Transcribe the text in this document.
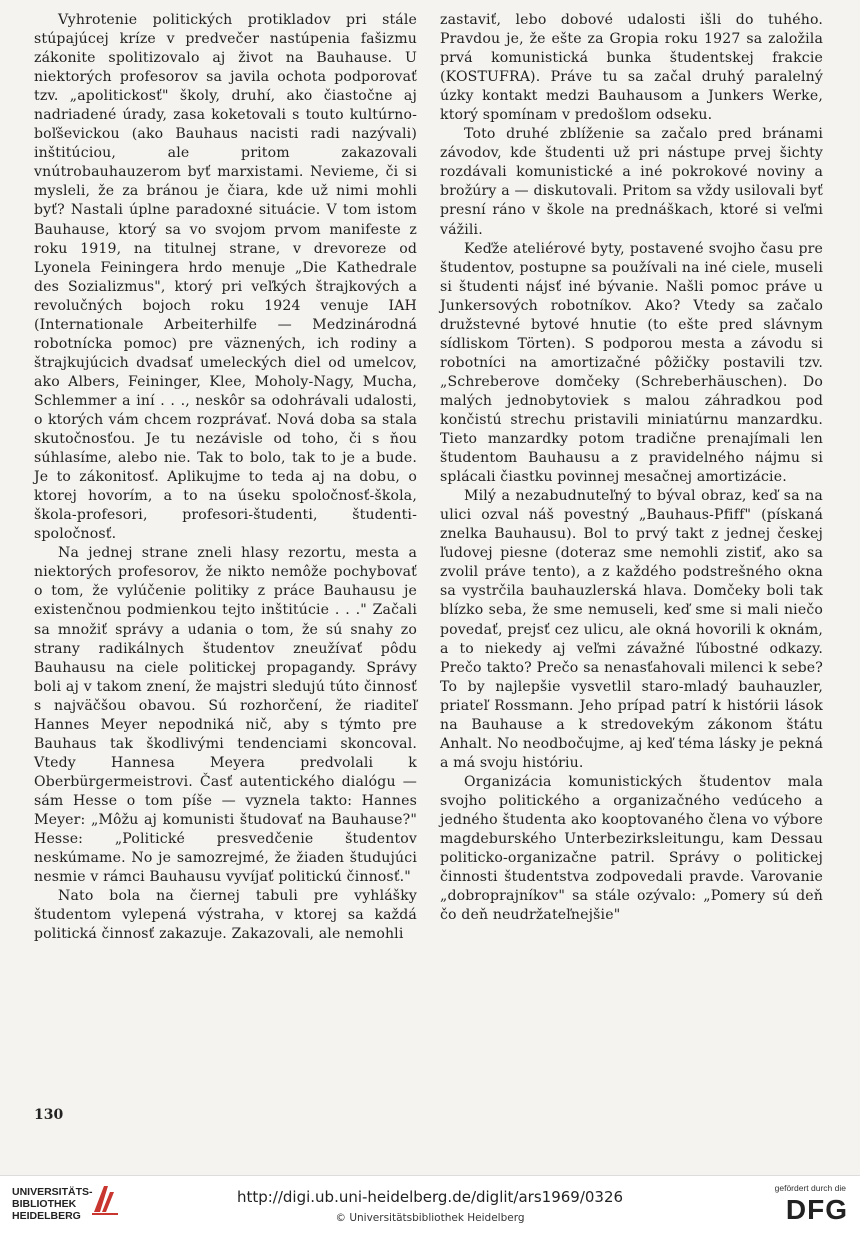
Vyhrotenie politických protikladov pri stále stúpajúcej kríze v predvečer nastúpenia fašizmu zákonite spolitizovalo aj život na Bauhause. U niektorých profesorov sa javila ochota podporovať tzv. „apolitickosť" školy, druhí, ako čiastočne aj nadriadené úrady, zasa koketovali s touto kultúrno-boľševickou (ako Bauhaus nacisti radi nazývali) inštitúciou, ale pritom zakazovali vnútrobauhauzerom byť marxistami. Nevieme, či si mysleli, že za bránou je čiara, kde už nimi mohli byť? Nastali úplne paradoxné situácie. V tom istom Bauhause, ktorý sa vo svojom prvom manifeste z roku 1919, na titulnej strane, v drevoreze od Lyonela Feiningera hrdo menuje „Die Kathedrale des Sozializmus", ktorý pri veľkých štrajkových a revolučných bojoch roku 1924 venuje IAH (Internationale Arbeiterhilfe — Medzinárodná robotnícka pomoc) pre väznených, ich rodiny a štrajkujúcich dvadsať umeleckých diel od umelcov, ako Albers, Feininger, Klee, Moholy-Nagy, Mucha, Schlemmer a iní . . ., neskôr sa odohrávali udalosti, o ktorých vám chcem rozprávať. Nová doba sa stala skutočnosťou. Je tu nezávisle od toho, či s ňou súhlasíme, alebo nie. Tak to bolo, tak to je a bude. Je to zákonitosť. Aplikujme to teda aj na dobu, o ktorej hovorím, a to na úseku spoločnosť-škola, škola-profesori, profesori-študenti, študenti-spoločnosť.

Na jednej strane zneli hlasy rezortu, mesta a niektorých profesorov, že nikto nemôže pochybovať o tom, že vylúčenie politiky z práce Bauhausu je existenčnou podmienkou tejto inštitúcie . . ." Začali sa množiť správy a udania o tom, že sú snahy zo strany radikálnych študentov zneužívať pôdu Bauhausu na ciele politickej propagandy. Správy boli aj v takom znení, že majstri sledujú túto činnosť s najväčšou obavou. Sú rozhorčení, že riaditeľ Hannes Meyer nepodniká nič, aby s týmto pre Bauhaus tak škodlivými tendenciami skoncoval. Vtedy Hannesa Meyera predvolali k Oberbürgermeistrovi. Časť autentického dialógu — sám Hesse o tom píše — vyznela takto: Hannes Meyer: „Môžu aj komunisti študovať na Bauhause?" Hesse: „Politické presvedčenie študentov neskúmame. No je samozrejmé, že žiaden študujúci nesmie v rámci Bauhausu vyvíjať politickú činnosť."

Nato bola na čiernej tabuli pre vyhlášky študentom vylepená výstraha, v ktorej sa každá politická činnosť zakazuje. Zakazovali, ale nemohli

zastaviť, lebo dobové udalosti išli do tuhého. Pravdou je, že ešte za Gropia roku 1927 sa založila prvá komunistická bunka študentskej frakcie (KOSTUFRA). Práve tu sa začal druhý paralelný úzky kontakt medzi Bauhausom a Junkers Werke, ktorý spomínam v predošlom odseku.

Toto druhé zblíženie sa začalo pred bránami závodov, kde študenti už pri nástupe prvej šichty rozdávali komunistické a iné pokrokové noviny a brožúry a — diskutovali. Pritom sa vždy usilovali byť presní ráno v škole na prednáškach, ktoré si veľmi vážili.

Keďže ateliérové byty, postavené svojho času pre študentov, postupne sa používali na iné ciele, museli si študenti nájsť iné bývanie. Našli pomoc práve u Junkersových robotníkov. Ako? Vtedy sa začalo družstevné bytové hnutie (to ešte pred slávnym sídliskom Törten). S podporou mesta a závodu si robotníci na amortizačné pôžičky postavili tzv. „Schreberove domčeky (Schreberhäuschen). Do malých jednobytoviek s malou záhradkou pod končistú strechu pristavili miniatúrnu manzardku. Tieto manzardky potom tradične prenajímali len študentom Bauhausu a z pravidelného nájmu si splácali čiastku povinnej mesačnej amortizácie.

Milý a nezabudnuteľný to býval obraz, keď sa na ulici ozval náš povestný „Bauhaus-Pfiff" (pískaná znelka Bauhausu). Bol to prvý takt z jednej českej ľudovej piesne (doteraz sme nemohli zistiť, ako sa zvolil práve tento), a z každého podstrešného okna sa vystrčila bauhauzlerská hlava. Domčeky boli tak blízko seba, že sme nemuseli, keď sme si mali niečo povedať, prejsť cez ulicu, ale okná hovorili k oknám, a to niekedy aj veľmi závažné ľúbostné odkazy. Prečo takto? Prečo sa nenasťahovali milenci k sebe? To by najlepšie vysvetlil staro-mladý bauhauzler, priateľ Rossmann. Jeho prípad patrí k histórii lások na Bauhause a k stredovekým zákonom štátu Anhalt. No neodbočujme, aj keď téma lásky je pekná a má svoju históriu.

Organizácia komunistických študentov mala svojho politického a organizačného vedúceho a jedného študenta ako kooptovaného člena vo výbore magdeburského Unterbezirksleitungu, kam Dessau politicko-organizačne patril. Správy o politickej činnosti študentstva zodpovedali pravde. Varovanie „dobroprajníkov" sa stále ozývalo: „Pomery sú deň čo deň neudržateľnejšie"

130
UNIVERSITÄTS-
BIBLIOTHEK
HEIDELBERG
http://digi.ub.uni-heidelberg.de/diglit/ars1969/0326
© Universitätsbibliothek Heidelberg
gefördert durch die
DFG
